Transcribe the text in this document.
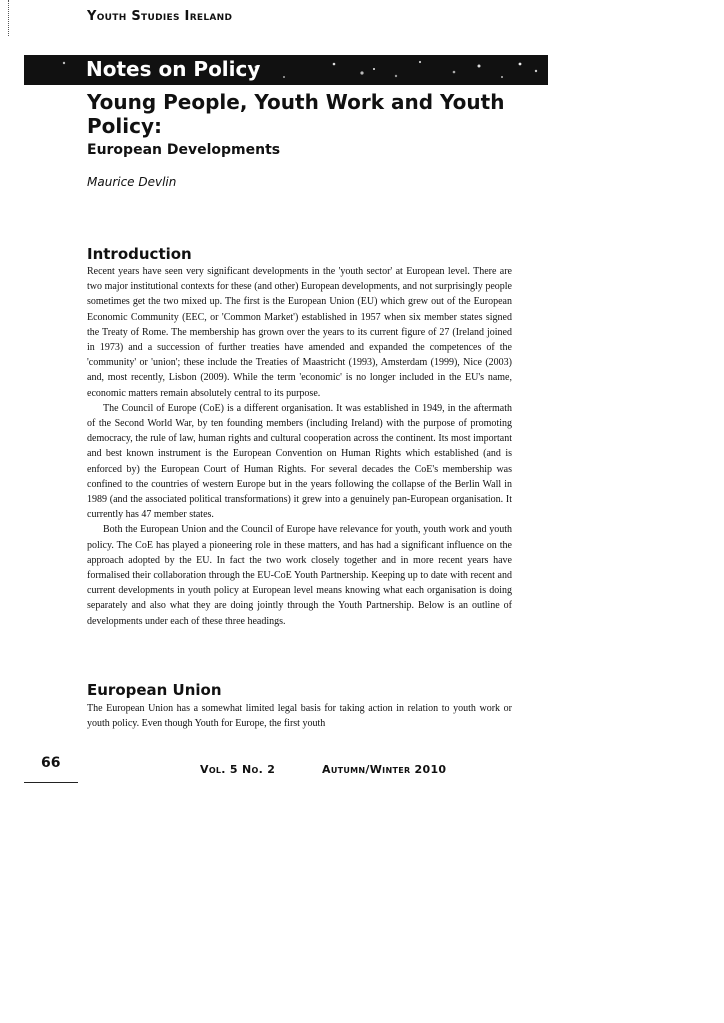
Youth Studies Ireland
Notes on Policy
Young People, Youth Work and Youth Policy:
European Developments
Maurice Devlin
Introduction

Recent years have seen very significant developments in the 'youth sector' at European level. There are two major institutional contexts for these (and other) European developments, and not surprisingly people sometimes get the two mixed up. The first is the European Union (EU) which grew out of the European Economic Community (EEC, or 'Common Market') established in 1957 when six member states signed the Treaty of Rome. The membership has grown over the years to its current figure of 27 (Ireland joined in 1973) and a succession of further treaties have amended and expanded the competences of the 'community' or 'union'; these include the Treaties of Maastricht (1993), Amsterdam (1999), Nice (2003) and, most recently, Lisbon (2009). While the term 'economic' is no longer included in the EU's name, economic matters remain absolutely central to its purpose.

The Council of Europe (CoE) is a different organisation. It was established in 1949, in the aftermath of the Second World War, by ten founding members (including Ireland) with the purpose of promoting democracy, the rule of law, human rights and cultural cooperation across the continent. Its most important and best known instrument is the European Convention on Human Rights which established (and is enforced by) the European Court of Human Rights. For several decades the CoE's membership was confined to the countries of western Europe but in the years following the collapse of the Berlin Wall in 1989 (and the associated political transformations) it grew into a genuinely pan-European organisation. It currently has 47 member states.

Both the European Union and the Council of Europe have relevance for youth, youth work and youth policy. The CoE has played a pioneering role in these matters, and has had a significant influence on the approach adopted by the EU. In fact the two work closely together and in more recent years have formalised their collaboration through the EU-CoE Youth Partnership. Keeping up to date with recent and current developments in youth policy at European level means knowing what each organisation is doing separately and also what they are doing jointly through the Youth Partnership. Below is an outline of developments under each of these three headings.

European Union

The European Union has a somewhat limited legal basis for taking action in relation to youth work or youth policy. Even though Youth for Europe, the first youth

66	Vol. 5 No. 2	Autumn/Winter 2010
